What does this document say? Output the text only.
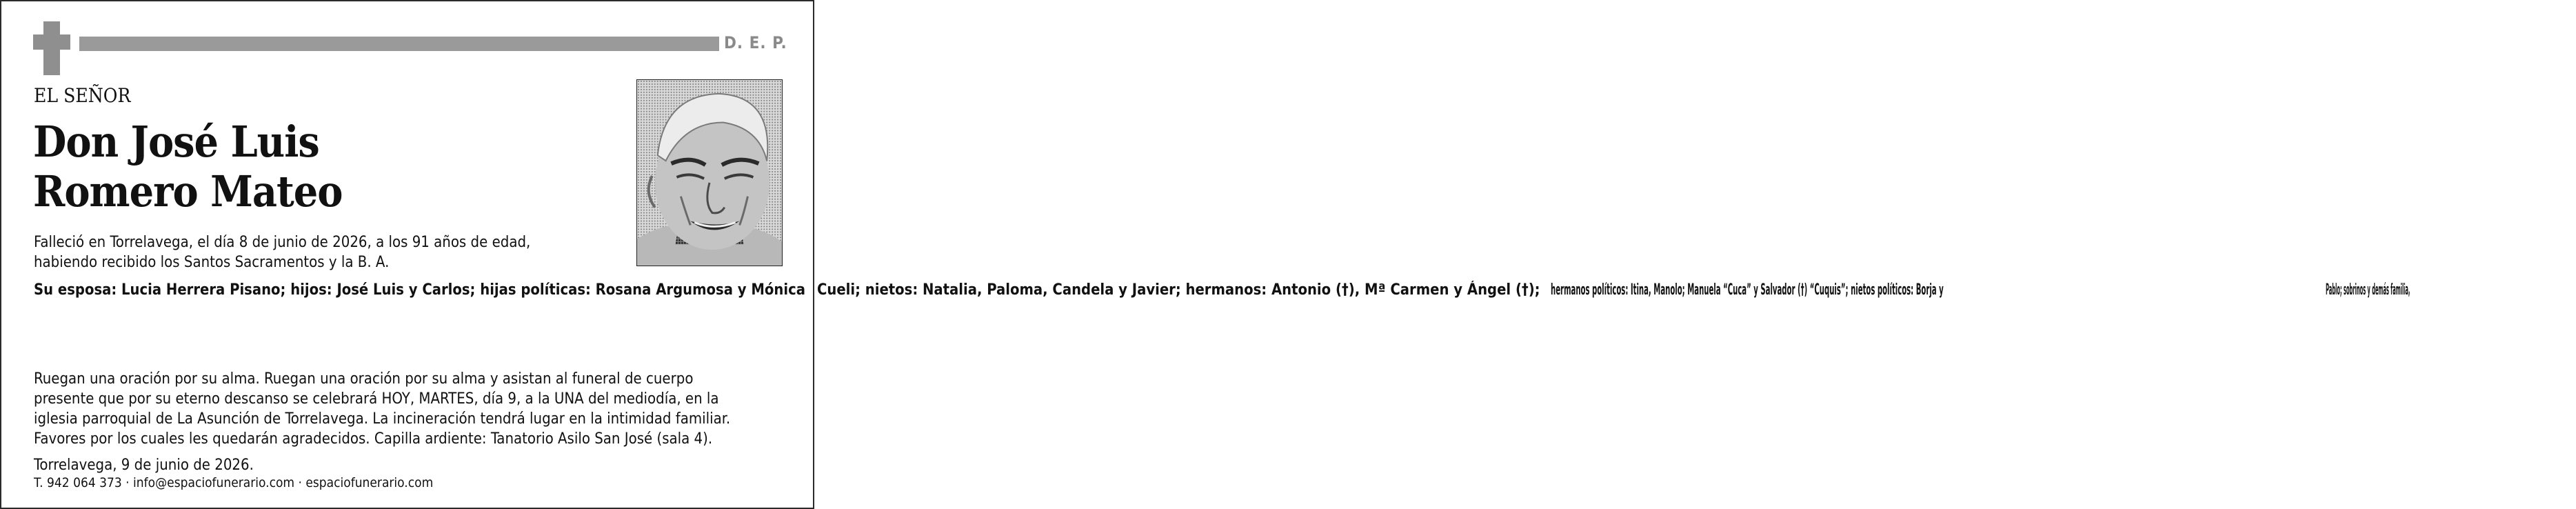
D. E. P.
EL SEÑOR
Don José Luis
Romero Mateo
Falleció en Torrelavega, el día 8 de junio de 2026, a los 91 años de edad,
habiendo recibido los Santos Sacramentos y la B. A.
Su esposa: Lucia Herrera Pisano; hijos: José Luis y Carlos; hijas políticas: Rosana Argumosa y Mónica Cueli; nietos: Natalia, Paloma, Candela y Javier; hermanos: Antonio (†), Mª Carmen y Ángel (†); hermanos políticos: Itina, Manolo; Manuela “Cuca” y Salvador (†) “Cuquis”; nietos políticos: Borja y	Pablo; sobrinos y demás familia,
Ruegan una oración por su alma. Ruegan una oración por su alma y asistan al funeral de cuerpo
presente que por su eterno descanso se celebrará HOY, MARTES, día 9, a la UNA del mediodía, en la
iglesia parroquial de La Asunción de Torrelavega. La incineración tendrá lugar en la intimidad familiar.
Favores por los cuales les quedarán agradecidos. Capilla ardiente: Tanatorio Asilo San José (sala 4).
Torrelavega, 9 de junio de 2026.
T. 942 064 373 · info@espaciofunerario.com · espaciofunerario.com
